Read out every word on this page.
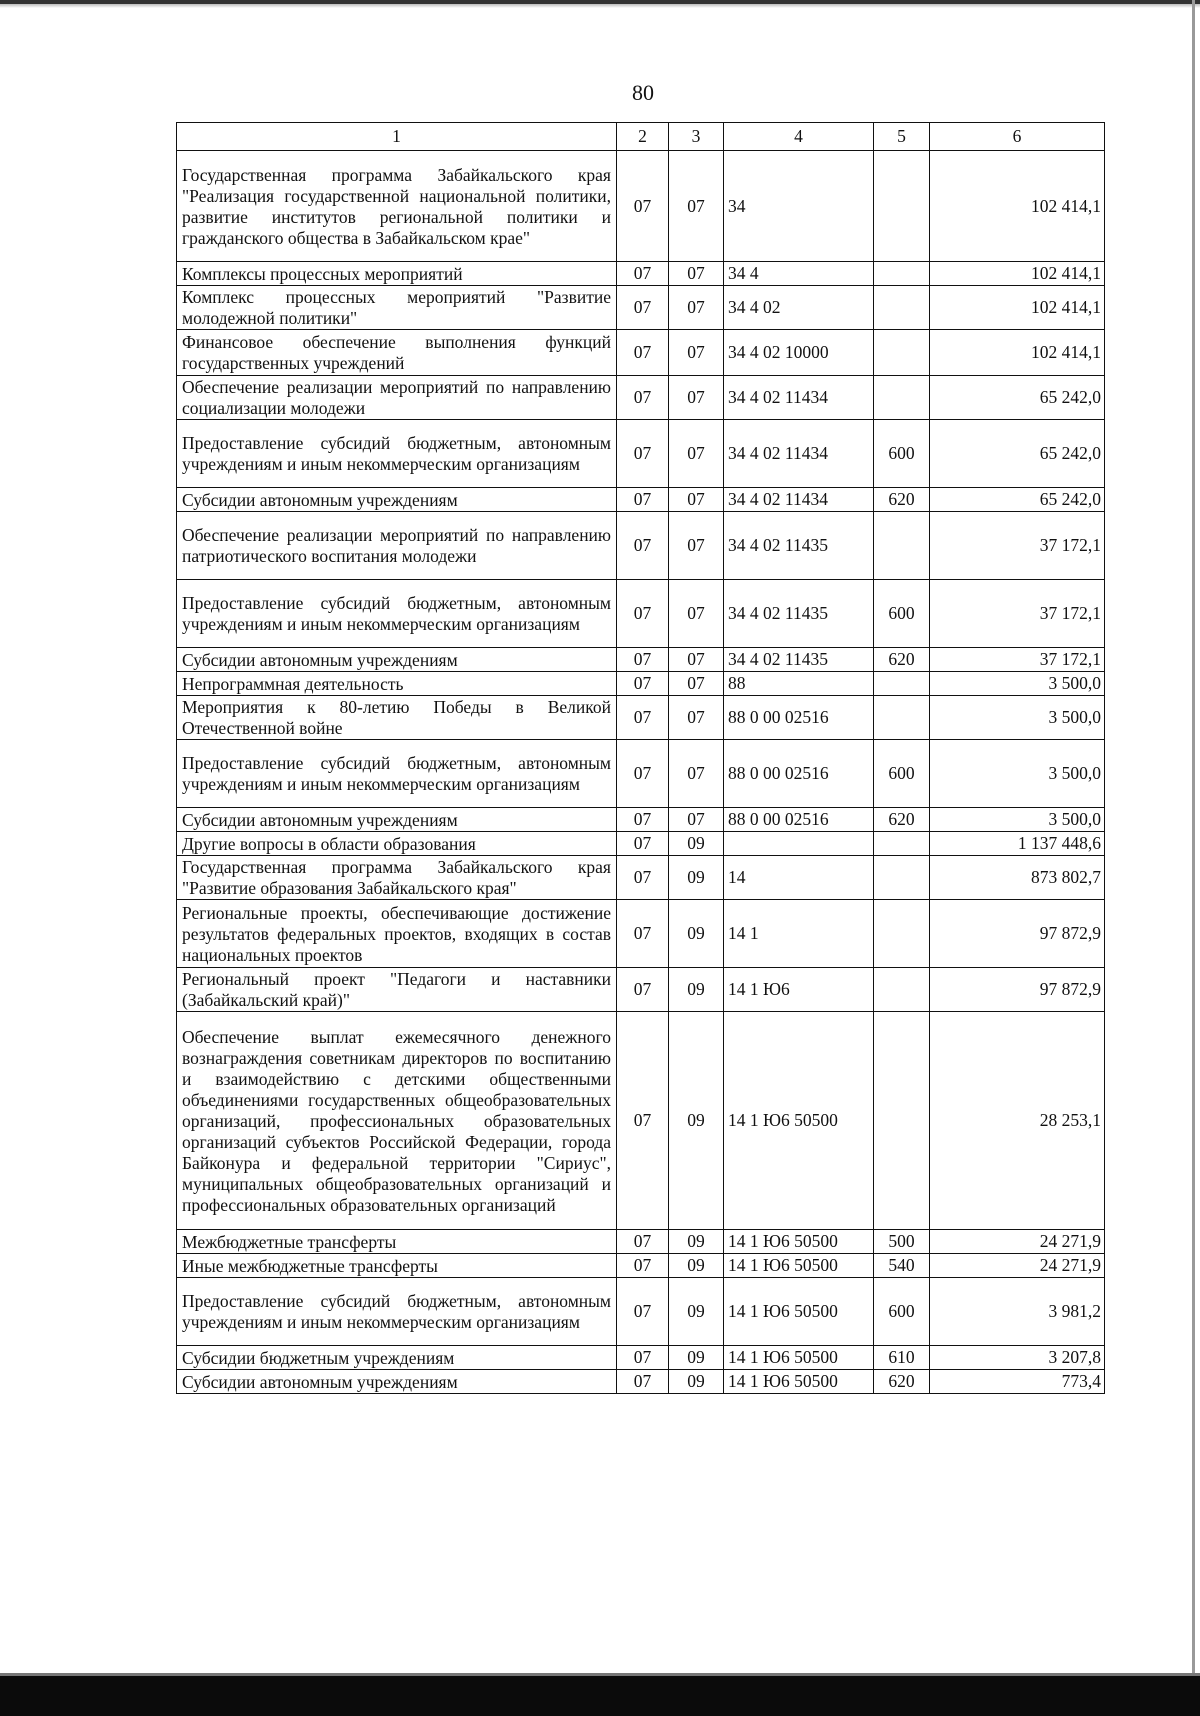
80
1	2	3	4	5	6
Государственная программа Забайкальского края "Реализация государственной национальной политики, развитие институтов региональной политики и гражданского общества в Забайкальском крае"	07	07	34		102 414,1
Комплексы процессных мероприятий	07	07	34 4		102 414,1
Комплекс процессных мероприятий "Развитие молодежной политики"	07	07	34 4 02		102 414,1
Финансовое обеспечение выполнения функций государственных учреждений	07	07	34 4 02 10000		102 414,1
Обеспечение реализации мероприятий по направлению социализации молодежи	07	07	34 4 02 11434		65 242,0
Предоставление субсидий бюджетным, автономным учреждениям и иным некоммерческим организациям	07	07	34 4 02 11434	600	65 242,0
Субсидии автономным учреждениям	07	07	34 4 02 11434	620	65 242,0
Обеспечение реализации мероприятий по направлению патриотического воспитания молодежи	07	07	34 4 02 11435		37 172,1
Предоставление субсидий бюджетным, автономным учреждениям и иным некоммерческим организациям	07	07	34 4 02 11435	600	37 172,1
Субсидии автономным учреждениям	07	07	34 4 02 11435	620	37 172,1
Непрограммная деятельность	07	07	88		3 500,0
Мероприятия к 80-летию Победы в Великой Отечественной войне	07	07	88 0 00 02516		3 500,0
Предоставление субсидий бюджетным, автономным учреждениям и иным некоммерческим организациям	07	07	88 0 00 02516	600	3 500,0
Субсидии автономным учреждениям	07	07	88 0 00 02516	620	3 500,0
Другие вопросы в области образования	07	09			1 137 448,6
Государственная программа Забайкальского края "Развитие образования Забайкальского края"	07	09	14		873 802,7
Региональные проекты, обеспечивающие достижение результатов федеральных проектов, входящих в состав национальных проектов	07	09	14 1		97 872,9
Региональный проект "Педагоги и наставники (Забайкальский край)"	07	09	14 1 Ю6		97 872,9
Обеспечение выплат ежемесячного денежного вознаграждения советникам директоров по воспитанию и взаимодействию с детскими общественными объединениями государственных общеобразовательных организаций, профессиональных образовательных организаций субъектов Российской Федерации, города Байконура и федеральной территории "Сириус", муниципальных общеобразовательных организаций и профессиональных образовательных организаций	07	09	14 1 Ю6 50500		28 253,1
Межбюджетные трансферты	07	09	14 1 Ю6 50500	500	24 271,9
Иные межбюджетные трансферты	07	09	14 1 Ю6 50500	540	24 271,9
Предоставление субсидий бюджетным, автономным учреждениям и иным некоммерческим организациям	07	09	14 1 Ю6 50500	600	3 981,2
Субсидии бюджетным учреждениям	07	09	14 1 Ю6 50500	610	3 207,8
Субсидии автономным учреждениям	07	09	14 1 Ю6 50500	620	773,4
